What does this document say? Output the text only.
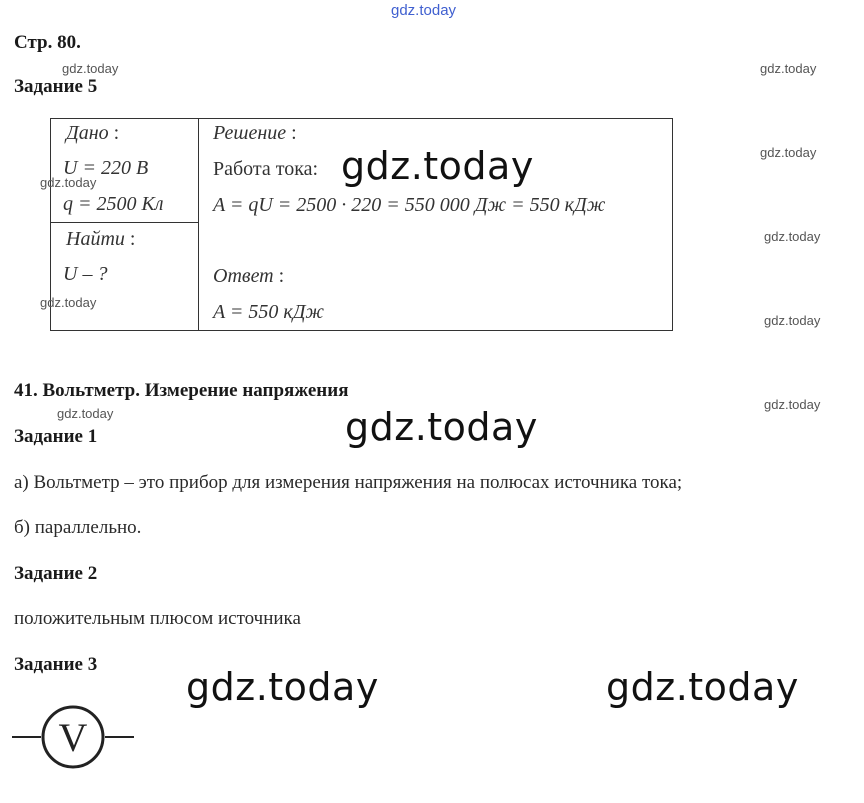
gdz.today
Стр. 80.
gdz.today	gdz.today
gdz.today
gdz.today
gdz.today
gdz.today
Задание 5
Дано :
U = 220 В
q = 2500 Кл
gdz.today
Найти :
U – ?
gdz.today
Решение :
Работа тока: gdz.today
A = qU = 2500 · 220 = 550 000 Дж = 550 кДж
Ответ :
A = 550 кДж
41. Вольтметр. Измерение напряжения
gdz.today	gdz.today
Задание 1
а) Вольтметр – это прибор для измерения напряжения на полюсах источника тока;
б) параллельно.
Задание 2
положительным плюсом источника
Задание 3
gdz.today	gdz.today
V
